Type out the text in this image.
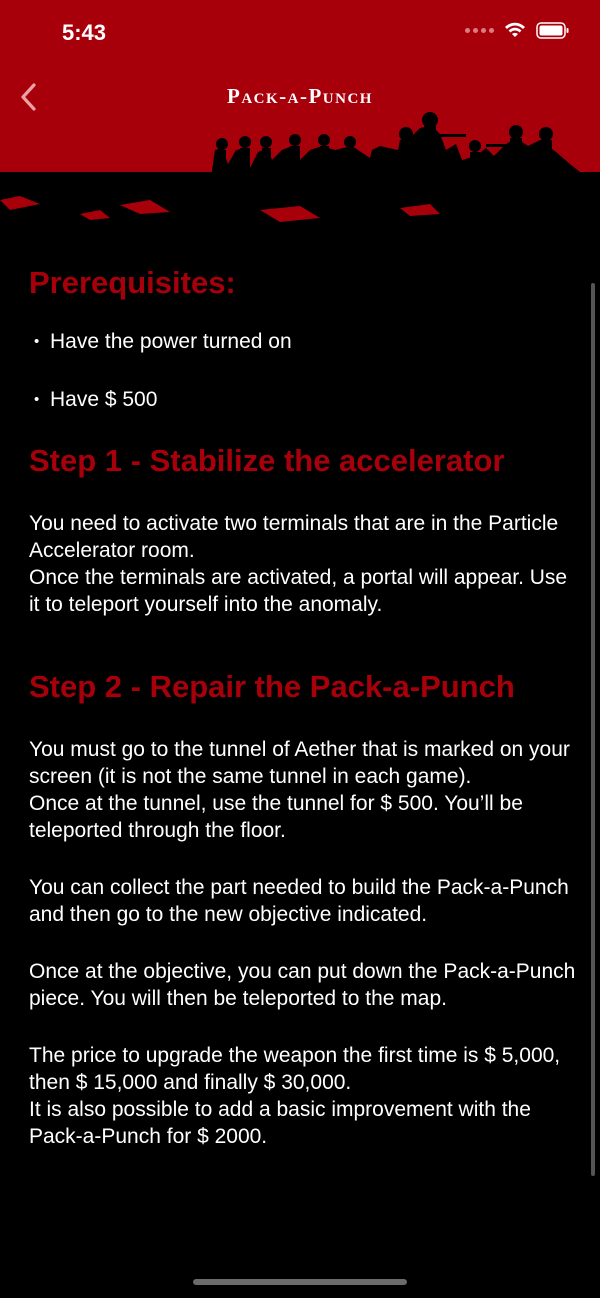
5:43
Pack-a-Punch
Prerequisites:
• Have the power turned on
• Have $ 500
Step 1 - Stabilize the accelerator

You need to activate two terminals that are in the Particle Accelerator room.

Once the terminals are activated, a portal will appear. Use it to teleport yourself into the anomaly.

Step 2 - Repair the Pack-a-Punch

You must go to the tunnel of Aether that is marked on your screen (it is not the same tunnel in each game).

Once at the tunnel, use the tunnel for $ 500. You’ll be teleported through the floor.

You can collect the part needed to build the Pack-a-Punch and then go to the new objective indicated.

Once at the objective, you can put down the Pack-a-Punch piece. You will then be teleported to the map.

The price to upgrade the weapon the first time is $ 5,000, then $ 15,000 and finally $ 30,000.

It is also possible to add a basic improvement with the Pack-a-Punch for $ 2000.
